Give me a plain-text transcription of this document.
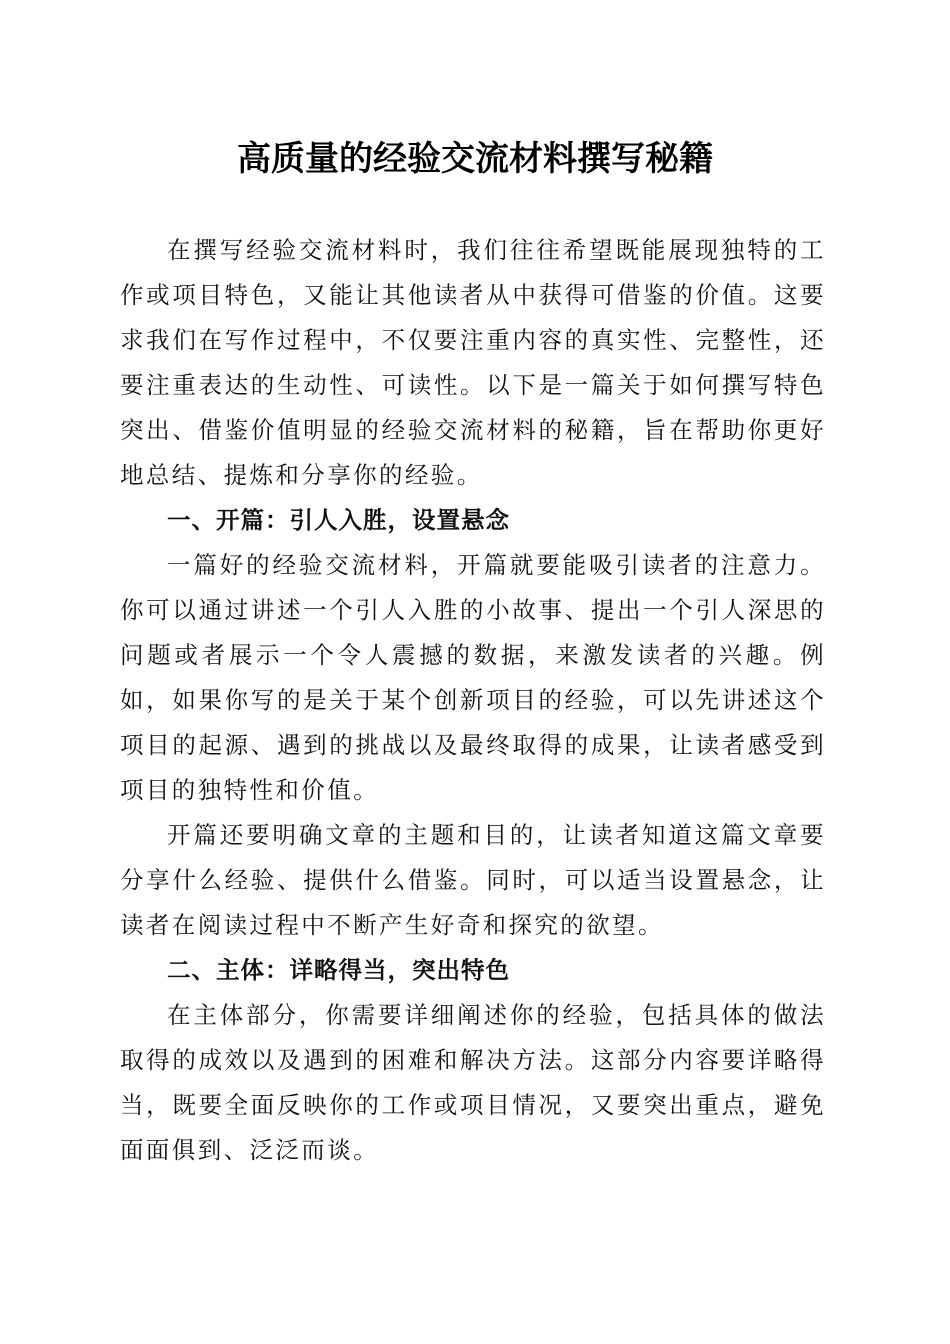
高质量的经验交流材料撰写秘籍

在撰写经验交流材料时，我们往往希望既能展现独特的工作或项目特色，又能让其他读者从中获得可借鉴的价值。这要求我们在写作过程中，不仅要注重内容的真实性、完整性，还要注重表达的生动性、可读性。以下是一篇关于如何撰写特色突出、借鉴价值明显的经验交流材料的秘籍，旨在帮助你更好地总结、提炼和分享你的经验。

一、开篇：引人入胜，设置悬念

一篇好的经验交流材料，开篇就要能吸引读者的注意力。你可以通过讲述一个引人入胜的小故事、提出一个引人深思的问题或者展示一个令人震撼的数据，来激发读者的兴趣。例如，如果你写的是关于某个创新项目的经验，可以先讲述这个项目的起源、遇到的挑战以及最终取得的成果，让读者感受到项目的独特性和价值。

开篇还要明确文章的主题和目的，让读者知道这篇文章要分享什么经验、提供什么借鉴。同时，可以适当设置悬念，让读者在阅读过程中不断产生好奇和探究的欲望。

二、主体：详略得当，突出特色

在主体部分，你需要详细阐述你的经验，包括具体的做法取得的成效以及遇到的困难和解决方法。这部分内容要详略得当，既要全面反映你的工作或项目情况，又要突出重点，避免面面俱到、泛泛而谈。
